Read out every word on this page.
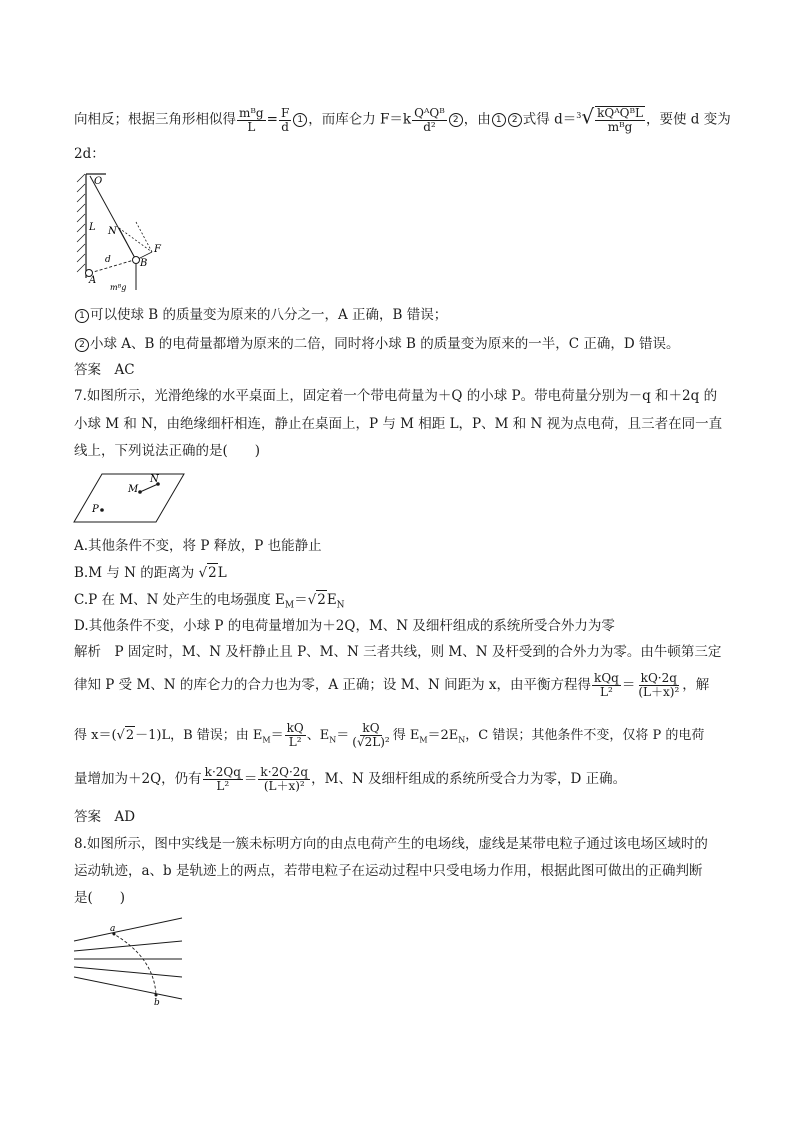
向相反；根据三角形相似得 $\frac{\text{mᴮg}}{L} = \frac{F}{d} 1$ ，而库仑力 $F=k \frac{\text{QᴬQᴮ}}{\text{d²}} 2$ ，由 1 2 式得 $d=^3√ \frac{\text{kQᴬQᴮL}}{\text{mᴮg}}$ ，要使 d 变为
2d：
O
L N
F
B
A
d
mᴮg
1 可以使球 B 的质量变为原来的八分之一，A 正确，B 错误；
2 小球 A、B 的电荷量都增为原来的二倍，同时将小球 B 的质量变为原来的一半，C 正确，D 错误。
答案　AC
7.如图所示，光滑绝缘的水平桌面上，固定着一个带电荷量为＋Q 的小球 P。带电荷量分别为－q 和＋2q 的
小球 M 和 N，由绝缘细杆相连，静止在桌面上，P 与 M 相距 L，P、M 和 N 视为点电荷，且三者在同一直
线上，下列说法正确的是(　　)
M
N
P
A.其他条件不变，将 P 释放，P 也能静止
B.M 与 N 的距离为 √2L
C.P 在 M、N 处产生的电场强度 $E_M=√2E_N$
D.其他条件不变，小球 P 的电荷量增加为＋2Q，M、N 及细杆组成的系统所受合外力为零
解析　P 固定时，M、N 及杆静止且 P、M、N 三者共线，则 M、N 及杆受到的合外力为零。由牛顿第三定
律知 P 受 M、N 的库仑力的合力也为零，A 正确；设 M、N 间距为 x，由平衡方程得 $\frac{\text{kQq}}{\text{L²}} = \frac{kQ\cdot 2q}{\text{(L＋x)²}}$ ，解
得 x＝(√2－1)L，B 错误；由 $E_M= \frac{kQ}{\text{L²}}$ 、$E_N= \frac{kQ}{\text{(√2L)²}}$ 得 $E_M=2E_N$，C 错误；其他条件不变，仅将 P 的电荷
量增加为＋2Q，仍有 $\frac{k\cdot 2Qq}{\text{L²}} = \frac{k\cdot 2Q\cdot 2q}{\text{(L＋x)²}}$ ，M、N 及细杆组成的系统所受合力为零，D 正确。
答案　AD
8.如图所示，图中实线是一簇未标明方向的由点电荷产生的电场线，虚线是某带电粒子通过该电场区域时的
运动轨迹，a、b 是轨迹上的两点，若带电粒子在运动过程中只受电场力作用，根据此图可做出的正确判断
是(　　)
a
b
